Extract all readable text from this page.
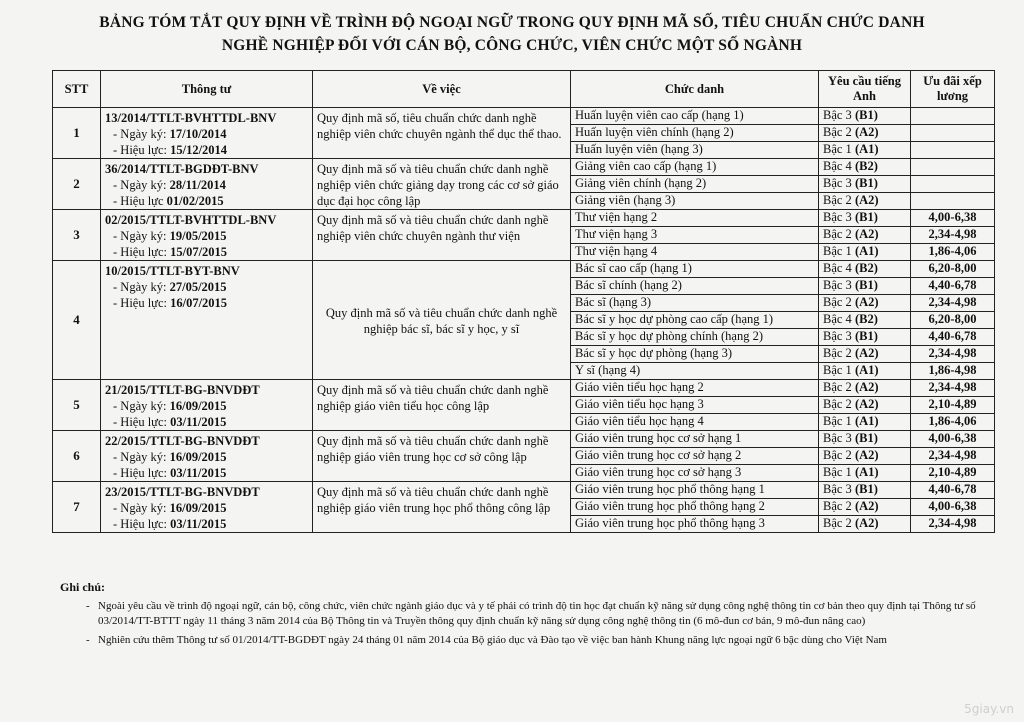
BẢNG TÓM TẮT QUY ĐỊNH VỀ TRÌNH ĐỘ NGOẠI NGỮ TRONG QUY ĐỊNH MÃ SỐ, TIÊU CHUẨN CHỨC DANH
NGHỀ NGHIỆP ĐỐI VỚI CÁN BỘ, CÔNG CHỨC, VIÊN CHỨC MỘT SỐ NGÀNH
STT	Thông tư	Về việc	Chức danh	Yêu cầu tiếng Anh	Ưu đãi xếp lương
1	13/2014/TTLT-BVHTTDL-BNV
- Ngày ký: 17/10/2014
- Hiệu lực: 15/12/2014	Quy định mã số, tiêu chuẩn chức danh nghề nghiệp viên chức chuyên ngành thể dục thể thao.	Huấn luyện viên cao cấp (hạng 1)	Bậc 3 (B1)	
			Huấn luyện viên chính (hạng 2)	Bậc 2 (A2)	
			Huấn luyện viên (hạng 3)	Bậc 1 (A1)	
2	36/2014/TTLT-BGDĐT-BNV
- Ngày ký: 28/11/2014
- Hiệu lực 01/02/2015	Quy định mã số và tiêu chuẩn chức danh nghề nghiệp viên chức giảng dạy trong các cơ sở giáo dục đại học công lập	Giảng viên cao cấp (hạng 1)	Bậc 4 (B2)	
			Giảng viên chính (hạng 2)	Bậc 3 (B1)	
			Giảng viên (hạng 3)	Bậc 2 (A2)	
3	02/2015/TTLT-BVHTTDL-BNV
- Ngày ký: 19/05/2015
- Hiệu lực: 15/07/2015	Quy định mã số và tiêu chuẩn chức danh nghề nghiệp viên chức chuyên ngành thư viện	Thư viện hạng 2	Bậc 3 (B1)	4,00-6,38
			Thư viện hạng 3	Bậc 2 (A2)	2,34-4,98
			Thư viện hạng 4	Bậc 1 (A1)	1,86-4,06
4	10/2015/TTLT-BYT-BNV
- Ngày ký: 27/05/2015
- Hiệu lực: 16/07/2015	Quy định mã số và tiêu chuẩn chức danh nghề nghiệp bác sĩ, bác sĩ y học, y sĩ	Bác sĩ cao cấp (hạng 1)	Bậc 4 (B2)	6,20-8,00
			Bác sĩ chính (hạng 2)	Bậc 3 (B1)	4,40-6,78
			Bác sĩ (hạng 3)	Bậc 2 (A2)	2,34-4,98
			Bác sĩ y học dự phòng cao cấp (hạng 1)	Bậc 4 (B2)	6,20-8,00
			Bác sĩ y học dự phòng chính (hạng 2)	Bậc 3 (B1)	4,40-6,78
			Bác sĩ y học dự phòng (hạng 3)	Bậc 2 (A2)	2,34-4,98
			Y sĩ (hạng 4)	Bậc 1 (A1)	1,86-4,98
5	21/2015/TTLT-BG-BNVDĐT
- Ngày ký: 16/09/2015
- Hiệu lực: 03/11/2015	Quy định mã số và tiêu chuẩn chức danh nghề nghiệp giáo viên tiểu học công lập	Giáo viên tiểu học hạng 2	Bậc 2 (A2)	2,34-4,98
			Giáo viên tiểu học hạng 3	Bậc 2 (A2)	2,10-4,89
			Giáo viên tiểu học hạng 4	Bậc 1 (A1)	1,86-4,06
6	22/2015/TTLT-BG-BNVDĐT
- Ngày ký: 16/09/2015
- Hiệu lực: 03/11/2015	Quy định mã số và tiêu chuẩn chức danh nghề nghiệp giáo viên trung học cơ sở công lập	Giáo viên trung học cơ sở hạng 1	Bậc 3 (B1)	4,00-6,38
			Giáo viên trung học cơ sở hạng 2	Bậc 2 (A2)	2,34-4,98
			Giáo viên trung học cơ sở hạng 3	Bậc 1 (A1)	2,10-4,89
7	23/2015/TTLT-BG-BNVDĐT
- Ngày ký: 16/09/2015
- Hiệu lực: 03/11/2015	Quy định mã số và tiêu chuẩn chức danh nghề nghiệp giáo viên trung học phổ thông công lập	Giáo viên trung học phổ thông hạng 1	Bậc 3 (B1)	4,40-6,78
			Giáo viên trung học phổ thông hạng 2	Bậc 2 (A2)	4,00-6,38
			Giáo viên trung học phổ thông hạng 3	Bậc 2 (A2)	2,34-4,98
Ghi chú:
- Ngoài yêu cầu về trình độ ngoại ngữ, cán bộ, công chức, viên chức ngành giáo dục và y tế phải có trình độ tin học đạt chuẩn kỹ năng sử dụng công nghệ thông tin cơ bản theo quy định tại Thông tư số 03/2014/TT-BTTT ngày 11 tháng 3 năm 2014 của Bộ Thông tin và Truyền thông quy định chuẩn kỹ năng sử dụng công nghệ thông tin (6 mô-đun cơ bản, 9 mô-đun nâng cao)
- Nghiên cứu thêm Thông tư số 01/2014/TT-BGDĐT ngày 24 tháng 01 năm 2014 của Bộ giáo dục và Đào tạo về việc ban hành Khung năng lực ngoại ngữ 6 bậc dùng cho Việt Nam
5giay.vn
